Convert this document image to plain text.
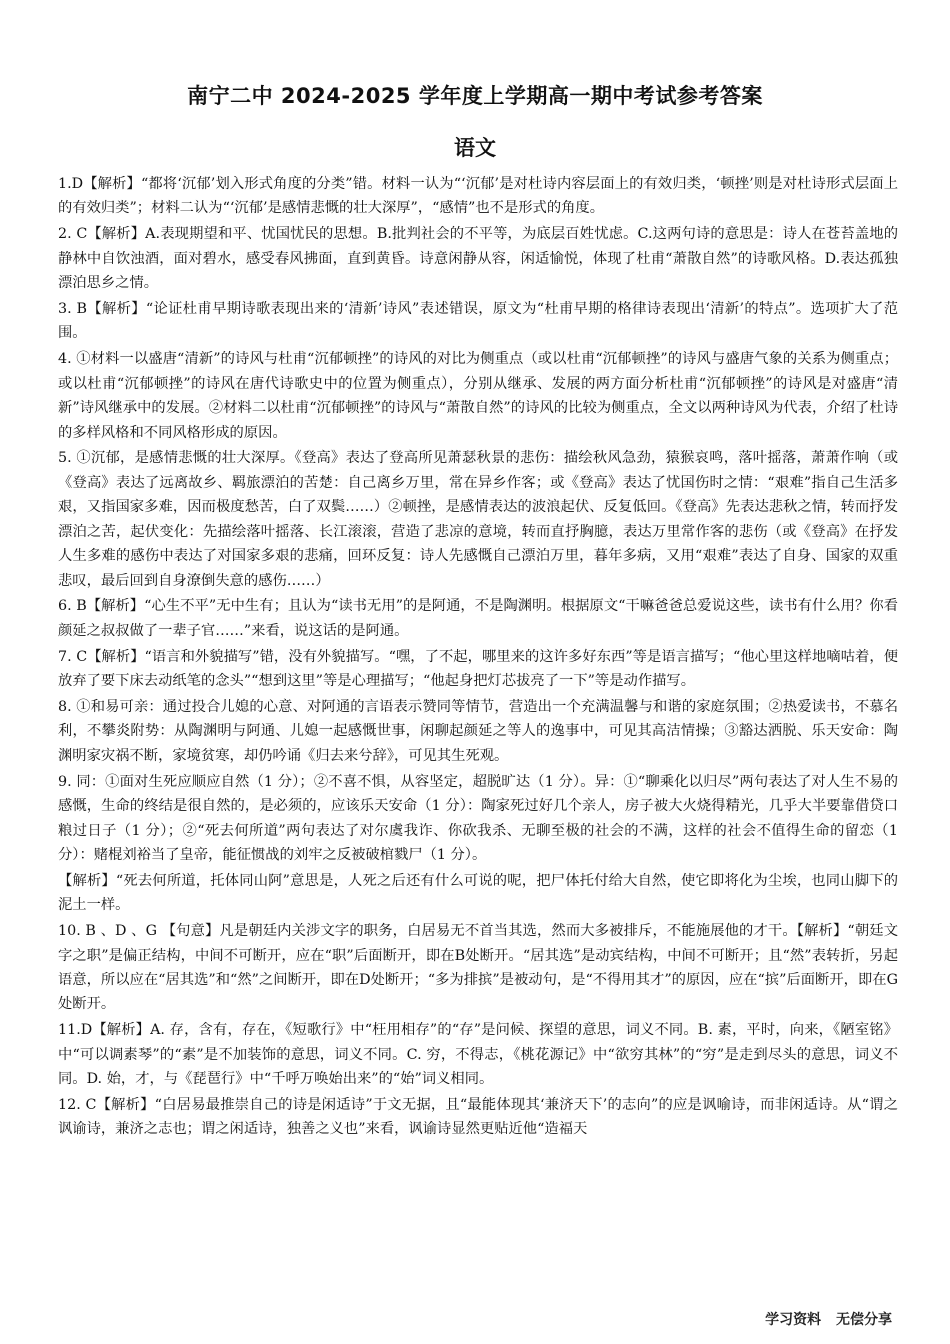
南宁二中 2024-2025 学年度上学期高一期中考试参考答案
语文

1.D【解析】“都将‘沉郁’划入形式角度的分类”错。材料一认为“‘沉郁’是对杜诗内容层面上的有效归类，‘顿挫’则是对杜诗形式层面上的有效归类”；材料二认为“‘沉郁’是感情悲慨的壮大深厚”，“感情”也不是形式的角度。

2. C【解析】A.表现期望和平、忧国忧民的思想。B.批判社会的不平等，为底层百姓忧虑。C.这两句诗的意思是：诗人在苍苔盖地的静林中自饮浊酒，面对碧水，感受春风拂面，直到黄昏。诗意闲静从容，闲适愉悦，体现了杜甫“萧散自然”的诗歌风格。D.表达孤独漂泊思乡之情。

3. B【解析】“论证杜甫早期诗歌表现出来的‘清新’诗风”表述错误，原文为“杜甫早期的格律诗表现出‘清新’的特点”。选项扩大了范围。

4. ①材料一以盛唐“清新”的诗风与杜甫“沉郁顿挫”的诗风的对比为侧重点（或以杜甫“沉郁顿挫”的诗风与盛唐气象的关系为侧重点；或以杜甫“沉郁顿挫”的诗风在唐代诗歌史中的位置为侧重点），分别从继承、发展的两方面分析杜甫“沉郁顿挫”的诗风是对盛唐“清新”诗风继承中的发展。②材料二以杜甫“沉郁顿挫”的诗风与“萧散自然”的诗风的比较为侧重点，全文以两种诗风为代表，介绍了杜诗的多样风格和不同风格形成的原因。

5. ①沉郁，是感情悲慨的壮大深厚。《登高》表达了登高所见萧瑟秋景的悲伤：描绘秋风急劲，猿猴哀鸣，落叶摇落，萧萧作响（或《登高》表达了远离故乡、羁旅漂泊的苦楚：自己离乡万里，常在异乡作客；或《登高》表达了忧国伤时之情：“艰难”指自己生活多艰，又指国家多难，因而极度愁苦，白了双鬓……）②顿挫，是感情表达的波浪起伏、反复低回。《登高》先表达悲秋之情，转而抒发漂泊之苦，起伏变化：先描绘落叶摇落、长江滚滚，营造了悲凉的意境，转而直抒胸臆，表达万里常作客的悲伤（或《登高》在抒发人生多难的感伤中表达了对国家多艰的悲痛，回环反复：诗人先感慨自己漂泊万里，暮年多病，又用“艰难”表达了自身、国家的双重悲叹，最后回到自身潦倒失意的感伤……）

6. B【解析】“心生不平”无中生有；且认为“读书无用”的是阿通，不是陶渊明。根据原文“干嘛爸爸总爱说这些，读书有什么用？你看颜延之叔叔做了一辈子官……”来看，说这话的是阿通。

7. C【解析】“语言和外貌描写”错，没有外貌描写。“嘿，了不起，哪里来的这许多好东西”等是语言描写；“他心里这样地嘀咕着，便放弃了要下床去动纸笔的念头”“想到这里”等是心理描写；“他起身把灯芯拔亮了一下”等是动作描写。

8. ①和易可亲：通过投合儿媳的心意、对阿通的言语表示赞同等情节，营造出一个充满温馨与和谐的家庭氛围；②热爱读书，不慕名利，不攀炎附势：从陶渊明与阿通、儿媳一起感慨世事，闲聊起颜延之等人的逸事中，可见其高洁情操；③豁达洒脱、乐天安命：陶渊明家灾祸不断，家境贫寒，却仍吟诵《归去来兮辞》，可见其生死观。

9. 同：①面对生死应顺应自然（1 分）；②不喜不惧，从容坚定，超脱旷达（1 分）。异：①“聊乘化以归尽”两句表达了对人生不易的感慨，生命的终结是很自然的，是必须的，应该乐天安命（1 分）：陶家死过好几个亲人，房子被大火烧得精光，几乎大半要靠借贷口粮过日子（1 分）；②“死去何所道”两句表达了对尔虞我诈、你砍我杀、无聊至极的社会的不满，这样的社会不值得生命的留恋（1 分）：赌棍刘裕当了皇帝，能征惯战的刘牢之反被破棺戮尸（1 分）。

【解析】“死去何所道，托体同山阿”意思是，人死之后还有什么可说的呢，把尸体托付给大自然，使它即将化为尘埃，也同山脚下的泥土一样。

10. B 、D 、G 【句意】凡是朝廷内关涉文字的职务，白居易无不首当其选，然而大多被排斥，不能施展他的才干。【解析】“朝廷文字之职”是偏正结构，中间不可断开，应在“职”后面断开，即在B处断开。“居其选”是动宾结构，中间不可断开；且“然”表转折，另起语意，所以应在“居其选”和“然”之间断开，即在D处断开；“多为排摈”是被动句，是“不得用其才”的原因，应在“摈”后面断开，即在G处断开。

11.D【解析】A. 存，含有，存在，《短歌行》中“枉用相存”的“存”是问候、探望的意思，词义不同。B. 素，平时，向来，《陋室铭》中“可以调素琴”的“素”是不加装饰的意思，词义不同。C. 穷，不得志，《桃花源记》中“欲穷其林”的“穷”是走到尽头的意思，词义不同。D. 始，才，与《琵琶行》中“千呼万唤始出来”的“始”词义相同。

12. C【解析】“白居易最推崇自己的诗是闲适诗”于文无据，且“最能体现其‘兼济天下’的志向”的应是讽喻诗，而非闲适诗。从“谓之讽谕诗，兼济之志也；谓之闲适诗，独善之义也”来看，讽谕诗显然更贴近他“造福天

学习资料 无偿分享
